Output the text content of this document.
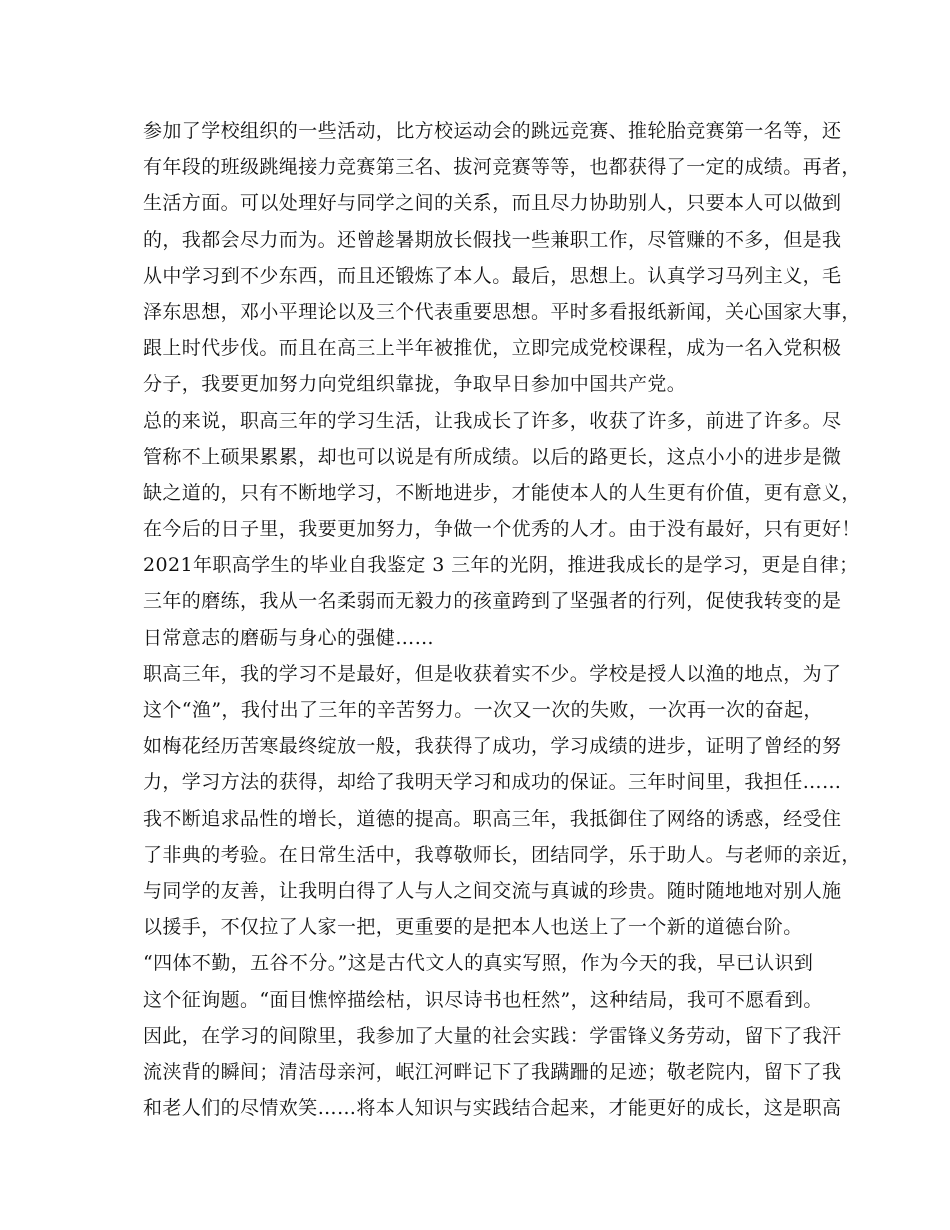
参加了学校组织的一些活动，比方校运动会的跳远竞赛、推轮胎竞赛第一名等，还
有年段的班级跳绳接力竞赛第三名、拔河竞赛等等，也都获得了一定的成绩。再者，
生活方面。可以处理好与同学之间的关系，而且尽力协助别人，只要本人可以做到
的，我都会尽力而为。还曾趁暑期放长假找一些兼职工作，尽管赚的不多，但是我
从中学习到不少东西，而且还锻炼了本人。最后，思想上。认真学习马列主义，毛
泽东思想，邓小平理论以及三个代表重要思想。平时多看报纸新闻，关心国家大事，
跟上时代步伐。而且在高三上半年被推优，立即完成党校课程，成为一名入党积极
分子，我要更加努力向党组织靠拢，争取早日参加中国共产党。
总的来说，职高三年的学习生活，让我成长了许多，收获了许多，前进了许多。尽
管称不上硕果累累，却也可以说是有所成绩。以后的路更长，这点小小的进步是微
缺之道的，只有不断地学习，不断地进步，才能使本人的人生更有价值，更有意义，
在今后的日子里，我要更加努力，争做一个优秀的人才。由于没有最好，只有更好！
2021年职高学生的毕业自我鉴定 3 三年的光阴，推进我成长的是学习，更是自律；
三年的磨练，我从一名柔弱而无毅力的孩童跨到了坚强者的行列，促使我转变的是
日常意志的磨砺与身心的强健……
职高三年，我的学习不是最好，但是收获着实不少。学校是授人以渔的地点，为了
这个“渔”，我付出了三年的辛苦努力。一次又一次的失败，一次再一次的奋起，
如梅花经历苦寒最终绽放一般，我获得了成功，学习成绩的进步，证明了曾经的努
力，学习方法的获得，却给了我明天学习和成功的保证。三年时间里，我担任……
我不断追求品性的增长，道德的提高。职高三年，我抵御住了网络的诱惑，经受住
了非典的考验。在日常生活中，我尊敬师长，团结同学，乐于助人。与老师的亲近，
与同学的友善，让我明白得了人与人之间交流与真诚的珍贵。随时随地地对别人施
以援手，不仅拉了人家一把，更重要的是把本人也送上了一个新的道德台阶。
“四体不勤，五谷不分。”这是古代文人的真实写照，作为今天的我，早已认识到
这个征询题。“面目憔悴描绘枯，识尽诗书也枉然”，这种结局，我可不愿看到。
因此，在学习的间隙里，我参加了大量的社会实践：学雷锋义务劳动，留下了我汗
流浃背的瞬间；清洁母亲河，岷江河畔记下了我蹒跚的足迹；敬老院内，留下了我
和老人们的尽情欢笑……将本人知识与实践结合起来，才能更好的成长，这是职高
